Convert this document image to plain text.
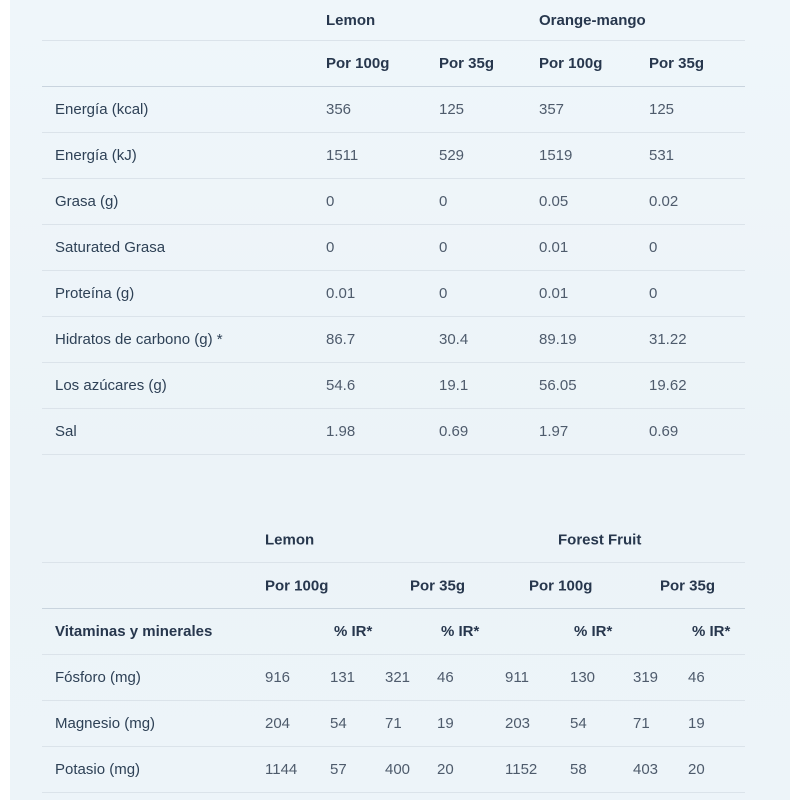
Lemon	Orange-mango
Por 100g	Por 35g	Por 100g	Por 35g
Energía (kcal)	356	125	357	125
Energía (kJ)	1511	529	1519	531
Grasa (g)	0	0	0.05	0.02
Saturated Grasa	0	0	0.01	0
Proteína (g)	0.01	0	0.01	0
Hidratos de carbono (g) *	86.7	30.4	89.19	31.22
Los azúcares (g)	54.6	19.1	56.05	19.62
Sal	1.98	0.69	1.97	0.69
Lemon	Forest Fruit
Por 100g	Por 35g	Por 100g	Por 35g
Vitaminas y minerales	% IR*	% IR*	% IR*	% IR*
Fósforo (mg)	916	131	321	46	911	130	319	46
Magnesio (mg)	204	54	71	19	203	54	71	19
Potasio (mg)	1144	57	400	20	1152	58	403	20
